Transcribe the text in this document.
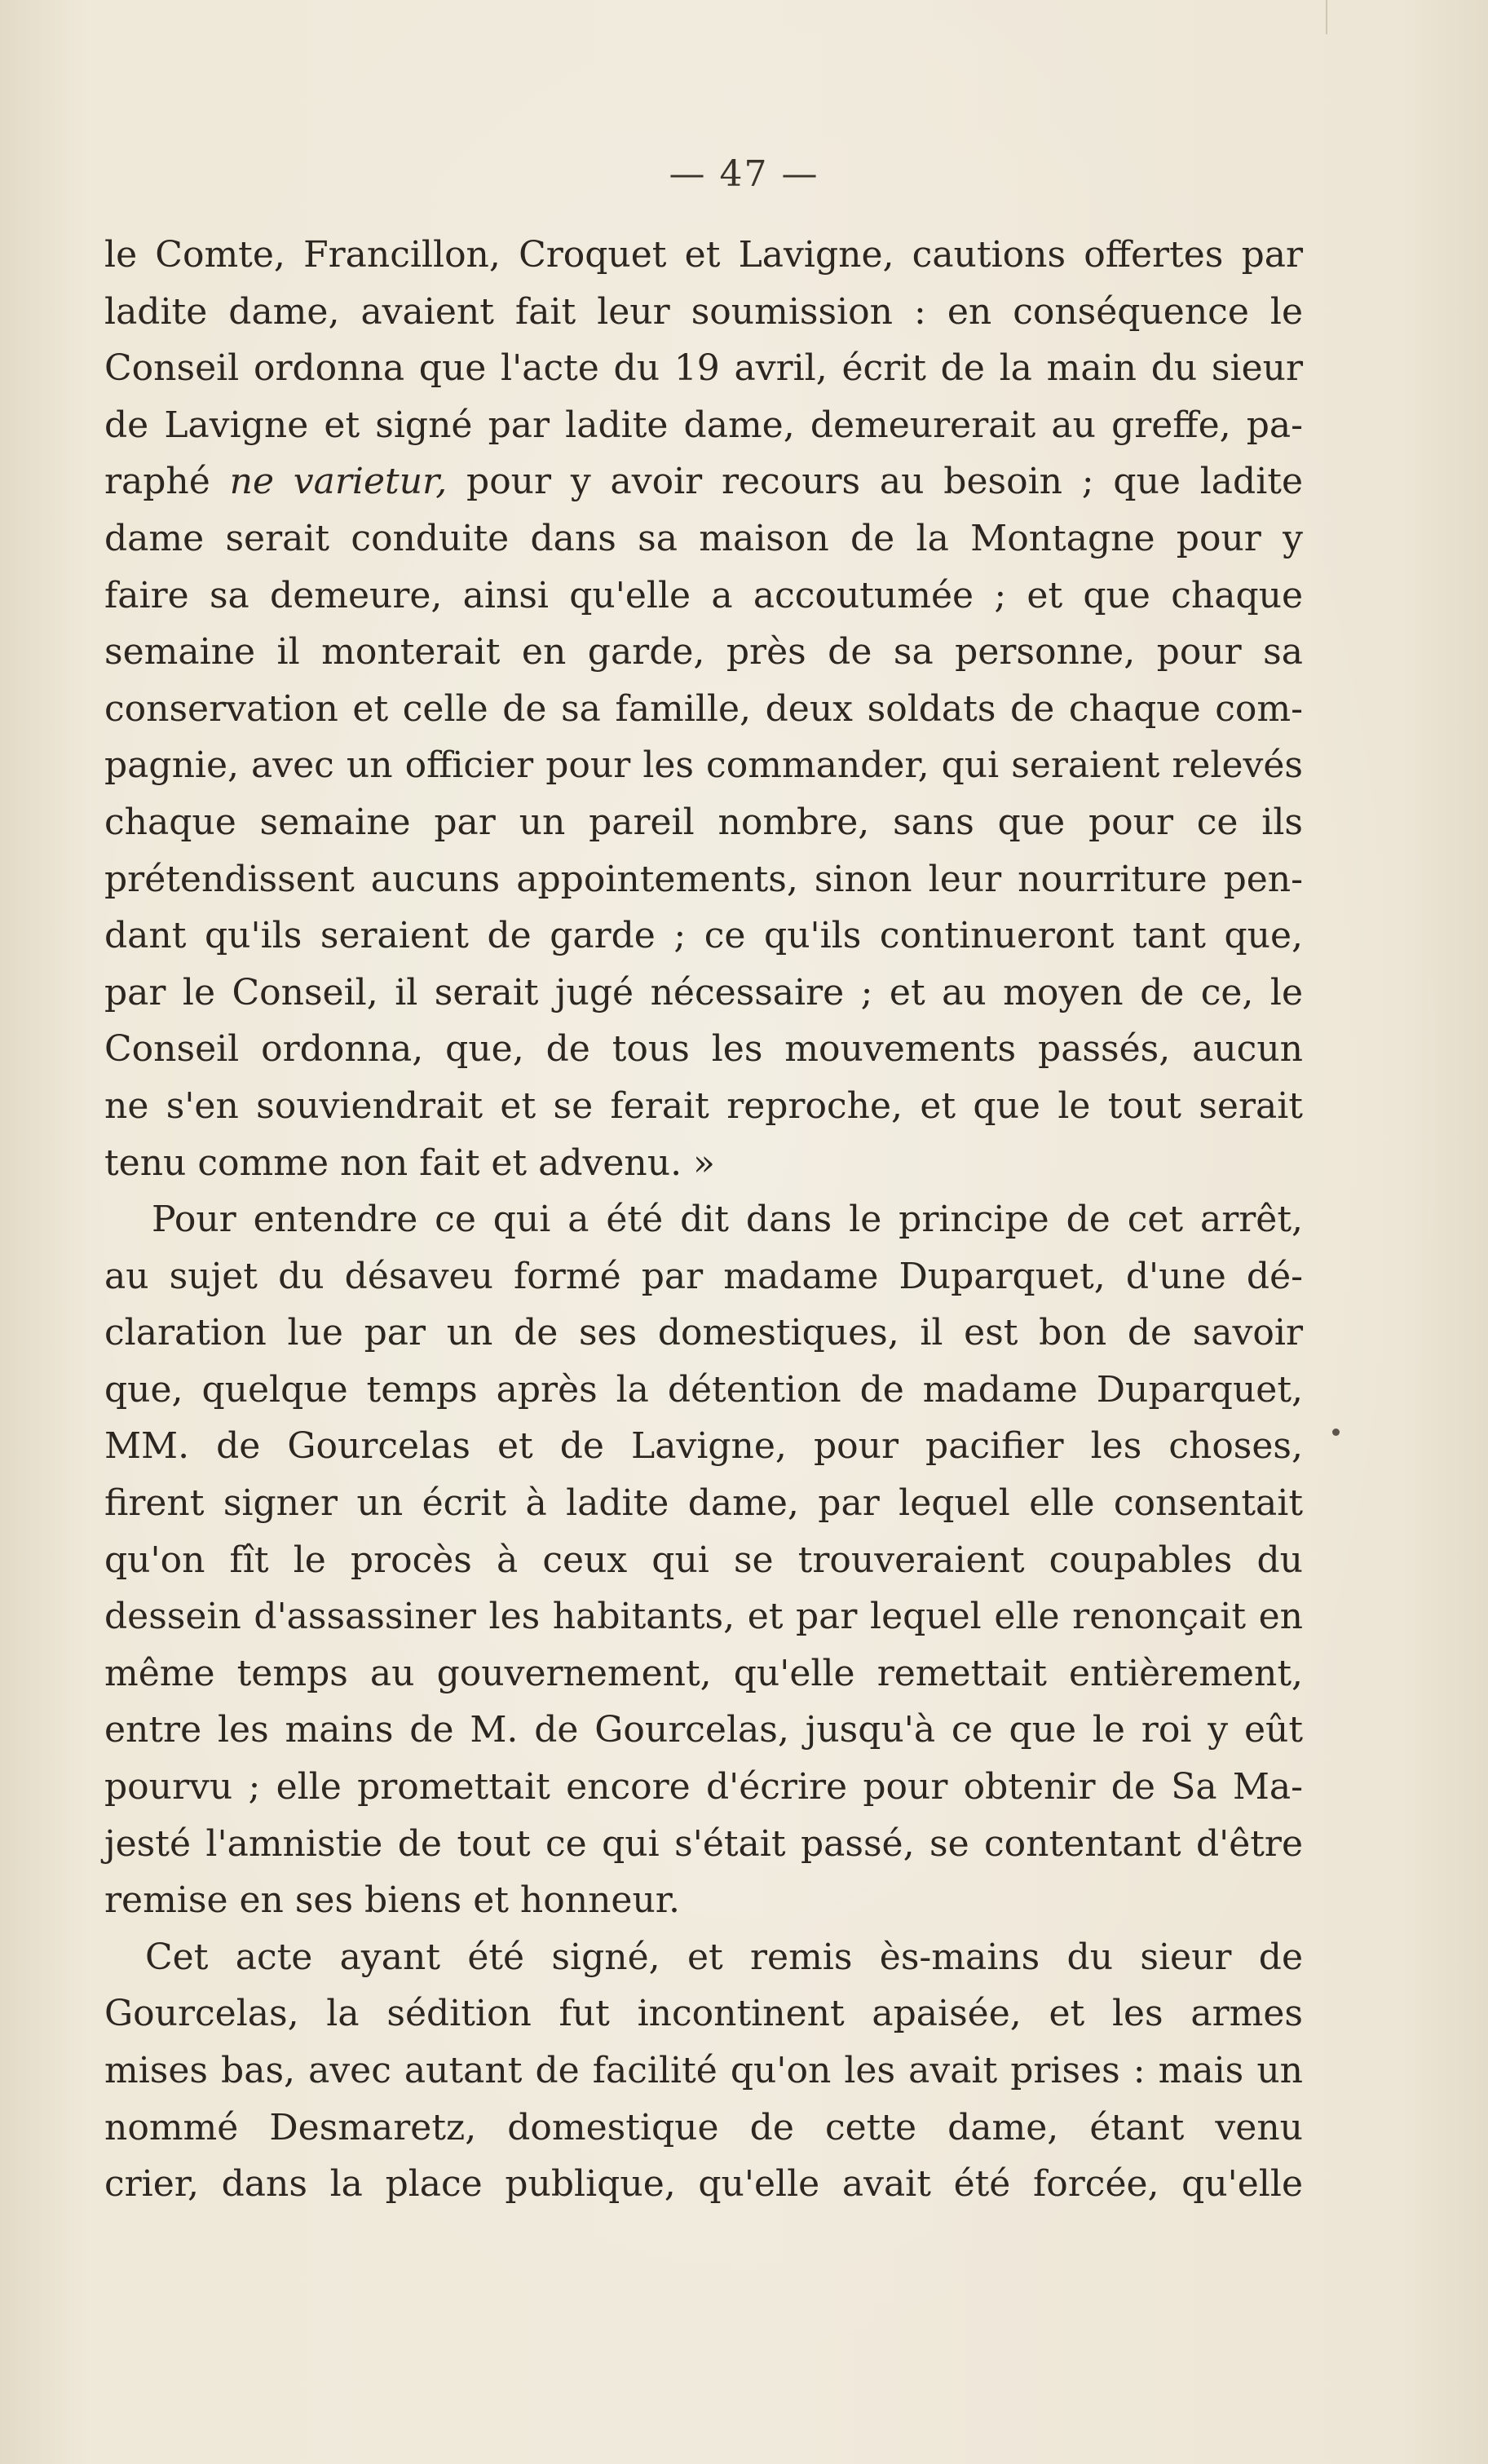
— 47 —
le Comte, Francillon, Croquet et Lavigne, cautions offertes par
ladite dame, avaient fait leur soumission : en conséquence le
Conseil ordonna que l'acte du 19 avril, écrit de la main du sieur
de Lavigne et signé par ladite dame, demeurerait au greffe, pa-
raphé ne varietur, pour y avoir recours au besoin ; que ladite
dame serait conduite dans sa maison de la Montagne pour y
faire sa demeure, ainsi qu'elle a accoutumée ; et que chaque
semaine il monterait en garde, près de sa personne, pour sa
conservation et celle de sa famille, deux soldats de chaque com-
pagnie, avec un officier pour les commander, qui seraient relevés
chaque semaine par un pareil nombre, sans que pour ce ils
prétendissent aucuns appointements, sinon leur nourriture pen-
dant qu'ils seraient de garde ; ce qu'ils continueront tant que,
par le Conseil, il serait jugé nécessaire ; et au moyen de ce, le
Conseil ordonna, que, de tous les mouvements passés, aucun
ne s'en souviendrait et se ferait reproche, et que le tout serait
tenu comme non fait et advenu. »
Pour entendre ce qui a été dit dans le principe de cet arrêt,
au sujet du désaveu formé par madame Duparquet, d'une dé-
claration lue par un de ses domestiques, il est bon de savoir
que, quelque temps après la détention de madame Duparquet,
MM. de Gourcelas et de Lavigne, pour pacifier les choses,
firent signer un écrit à ladite dame, par lequel elle consentait
qu'on fît le procès à ceux qui se trouveraient coupables du
dessein d'assassiner les habitants, et par lequel elle renonçait en
même temps au gouvernement, qu'elle remettait entièrement,
entre les mains de M. de Gourcelas, jusqu'à ce que le roi y eût
pourvu ; elle promettait encore d'écrire pour obtenir de Sa Ma-
jesté l'amnistie de tout ce qui s'était passé, se contentant d'être
remise en ses biens et honneur.
Cet acte ayant été signé, et remis ès-mains du sieur de
Gourcelas, la sédition fut incontinent apaisée, et les armes
mises bas, avec autant de facilité qu'on les avait prises : mais un
nommé Desmaretz, domestique de cette dame, étant venu
crier, dans la place publique, qu'elle avait été forcée, qu'elle
